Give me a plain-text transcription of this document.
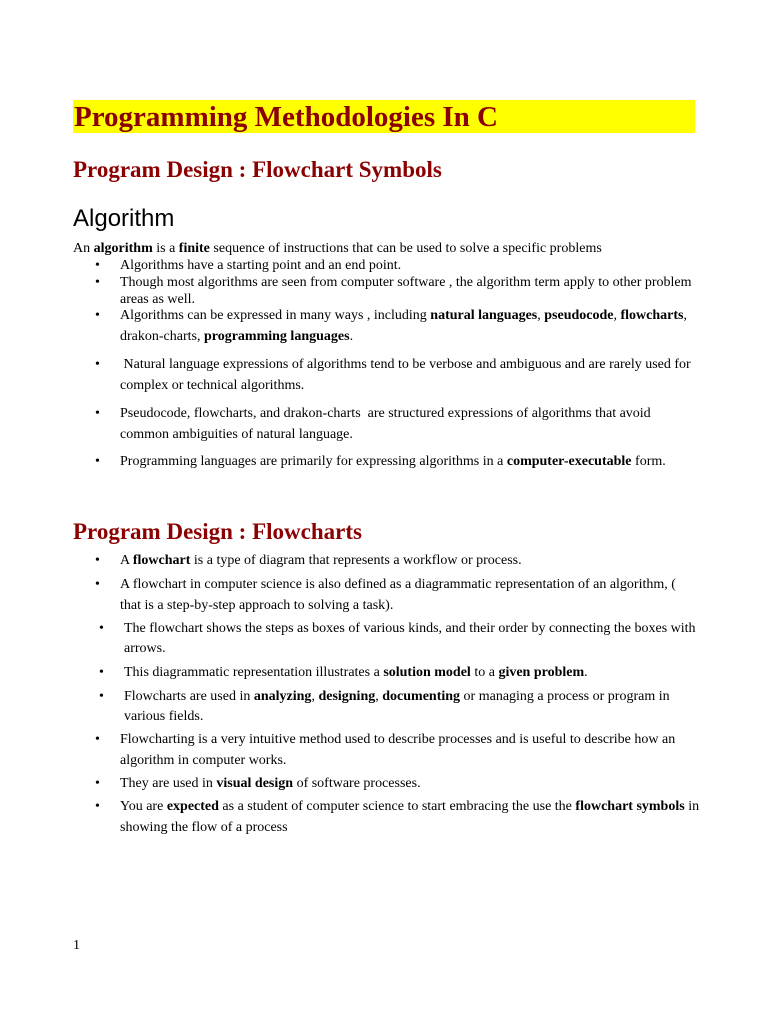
Programming Methodologies In C
Program Design : Flowchart Symbols
Algorithm

An algorithm is a finite sequence of instructions that can be used to solve a specific problems

• Algorithms have a starting point and an end point.

• Though most algorithms are seen from computer software , the algorithm term apply to other problem areas as well.

• Algorithms can be expressed in many ways , including natural languages, pseudocode, flowcharts, drakon-charts, programming languages.

• Natural language expressions of algorithms tend to be verbose and ambiguous and are rarely used for complex or technical algorithms.

• Pseudocode, flowcharts, and drakon-charts  are structured expressions of algorithms that avoid common ambiguities of natural language.

• Programming languages are primarily for expressing algorithms in a computer-executable form.

Program Design : Flowcharts
• A flowchart is a type of diagram that represents a workflow or process.

• A flowchart in computer science is also defined as a diagrammatic representation of an algorithm, ( that is a step-by-step approach to solving a task).

• The flowchart shows the steps as boxes of various kinds, and their order by connecting the boxes with arrows.

• This diagrammatic representation illustrates a solution model to a given problem.

• Flowcharts are used in analyzing, designing, documenting or managing a process or program in various fields.

• Flowcharting is a very intuitive method used to describe processes and is useful to describe how an algorithm in computer works.

• They are used in visual design of software processes.

• You are expected as a student of computer science to start embracing the use the flowchart symbols in showing the flow of a process

1
